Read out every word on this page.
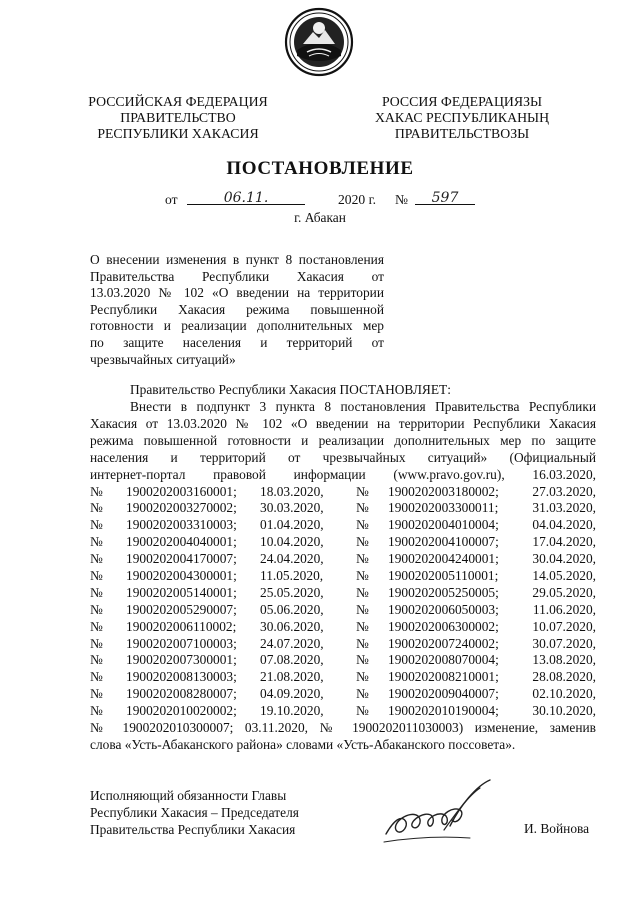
РОССИЙСКАЯ ФЕДЕРАЦИЯ
ПРАВИТЕЛЬСТВО
РЕСПУБЛИКИ ХАКАСИЯ
РОССИЯ ФЕДЕРАЦИЯЗЫ
ХАКАС РЕСПУБЛИКАНЫҢ
ПРАВИТЕЛЬСТВОЗЫ
ПОСТАНОВЛЕНИЕ
от	06.11.	2020 г. №	597
г. Абакан
О внесении изменения в пункт 8 постановления
Правительства Республики Хакасия от
13.03.2020 № 102 «О введении на территории
Республики Хакасия режима повышенной
готовности и реализации дополнительных мер
по защите населения и территорий от
чрезвычайных ситуаций»
Правительство Республики Хакасия ПОСТАНОВЛЯЕТ:
Внести в подпункт 3 пункта 8 постановления Правительства Республики
Хакасия от 13.03.2020 № 102 «О введении на территории Республики Хакасия
режима повышенной готовности и реализации дополнительных мер по защите
населения и территорий от чрезвычайных ситуаций» (Официальный
интернет-портал правовой информации (www.pravo.gov.ru), 16.03.2020,
№ 1900202003160001; 18.03.2020, № 1900202003180002;	27.03.2020,
№ 1900202003270002; 30.03.2020, № 1900202003300011;	31.03.2020,
№ 1900202003310003; 01.04.2020, № 1900202004010004;	04.04.2020,
№ 1900202004040001; 10.04.2020, № 1900202004100007;	17.04.2020,
№ 1900202004170007; 24.04.2020, № 1900202004240001;	30.04.2020,
№ 1900202004300001; 11.05.2020, № 1900202005110001;	14.05.2020,
№ 1900202005140001; 25.05.2020, № 1900202005250005;	29.05.2020,
№ 1900202005290007; 05.06.2020, № 1900202006050003;	11.06.2020,
№ 1900202006110002; 30.06.2020, № 1900202006300002;	10.07.2020,
№ 1900202007100003; 24.07.2020, № 1900202007240002;	30.07.2020,
№ 1900202007300001; 07.08.2020, № 1900202008070004;	13.08.2020,
№ 1900202008130003; 21.08.2020, № 1900202008210001;	28.08.2020,
№ 1900202008280007; 04.09.2020, № 1900202009040007;	02.10.2020,
№ 1900202010020002; 19.10.2020, № 1900202010190004;	30.10.2020,
№ 1900202010300007; 03.11.2020, № 1900202011030003) изменение, заменив
слова «Усть-Абаканского района» словами «Усть-Абаканского поссовета».
Исполняющий обязанности Главы
Республики Хакасия – Председателя
Правительства Республики Хакасия	И. Войнова
